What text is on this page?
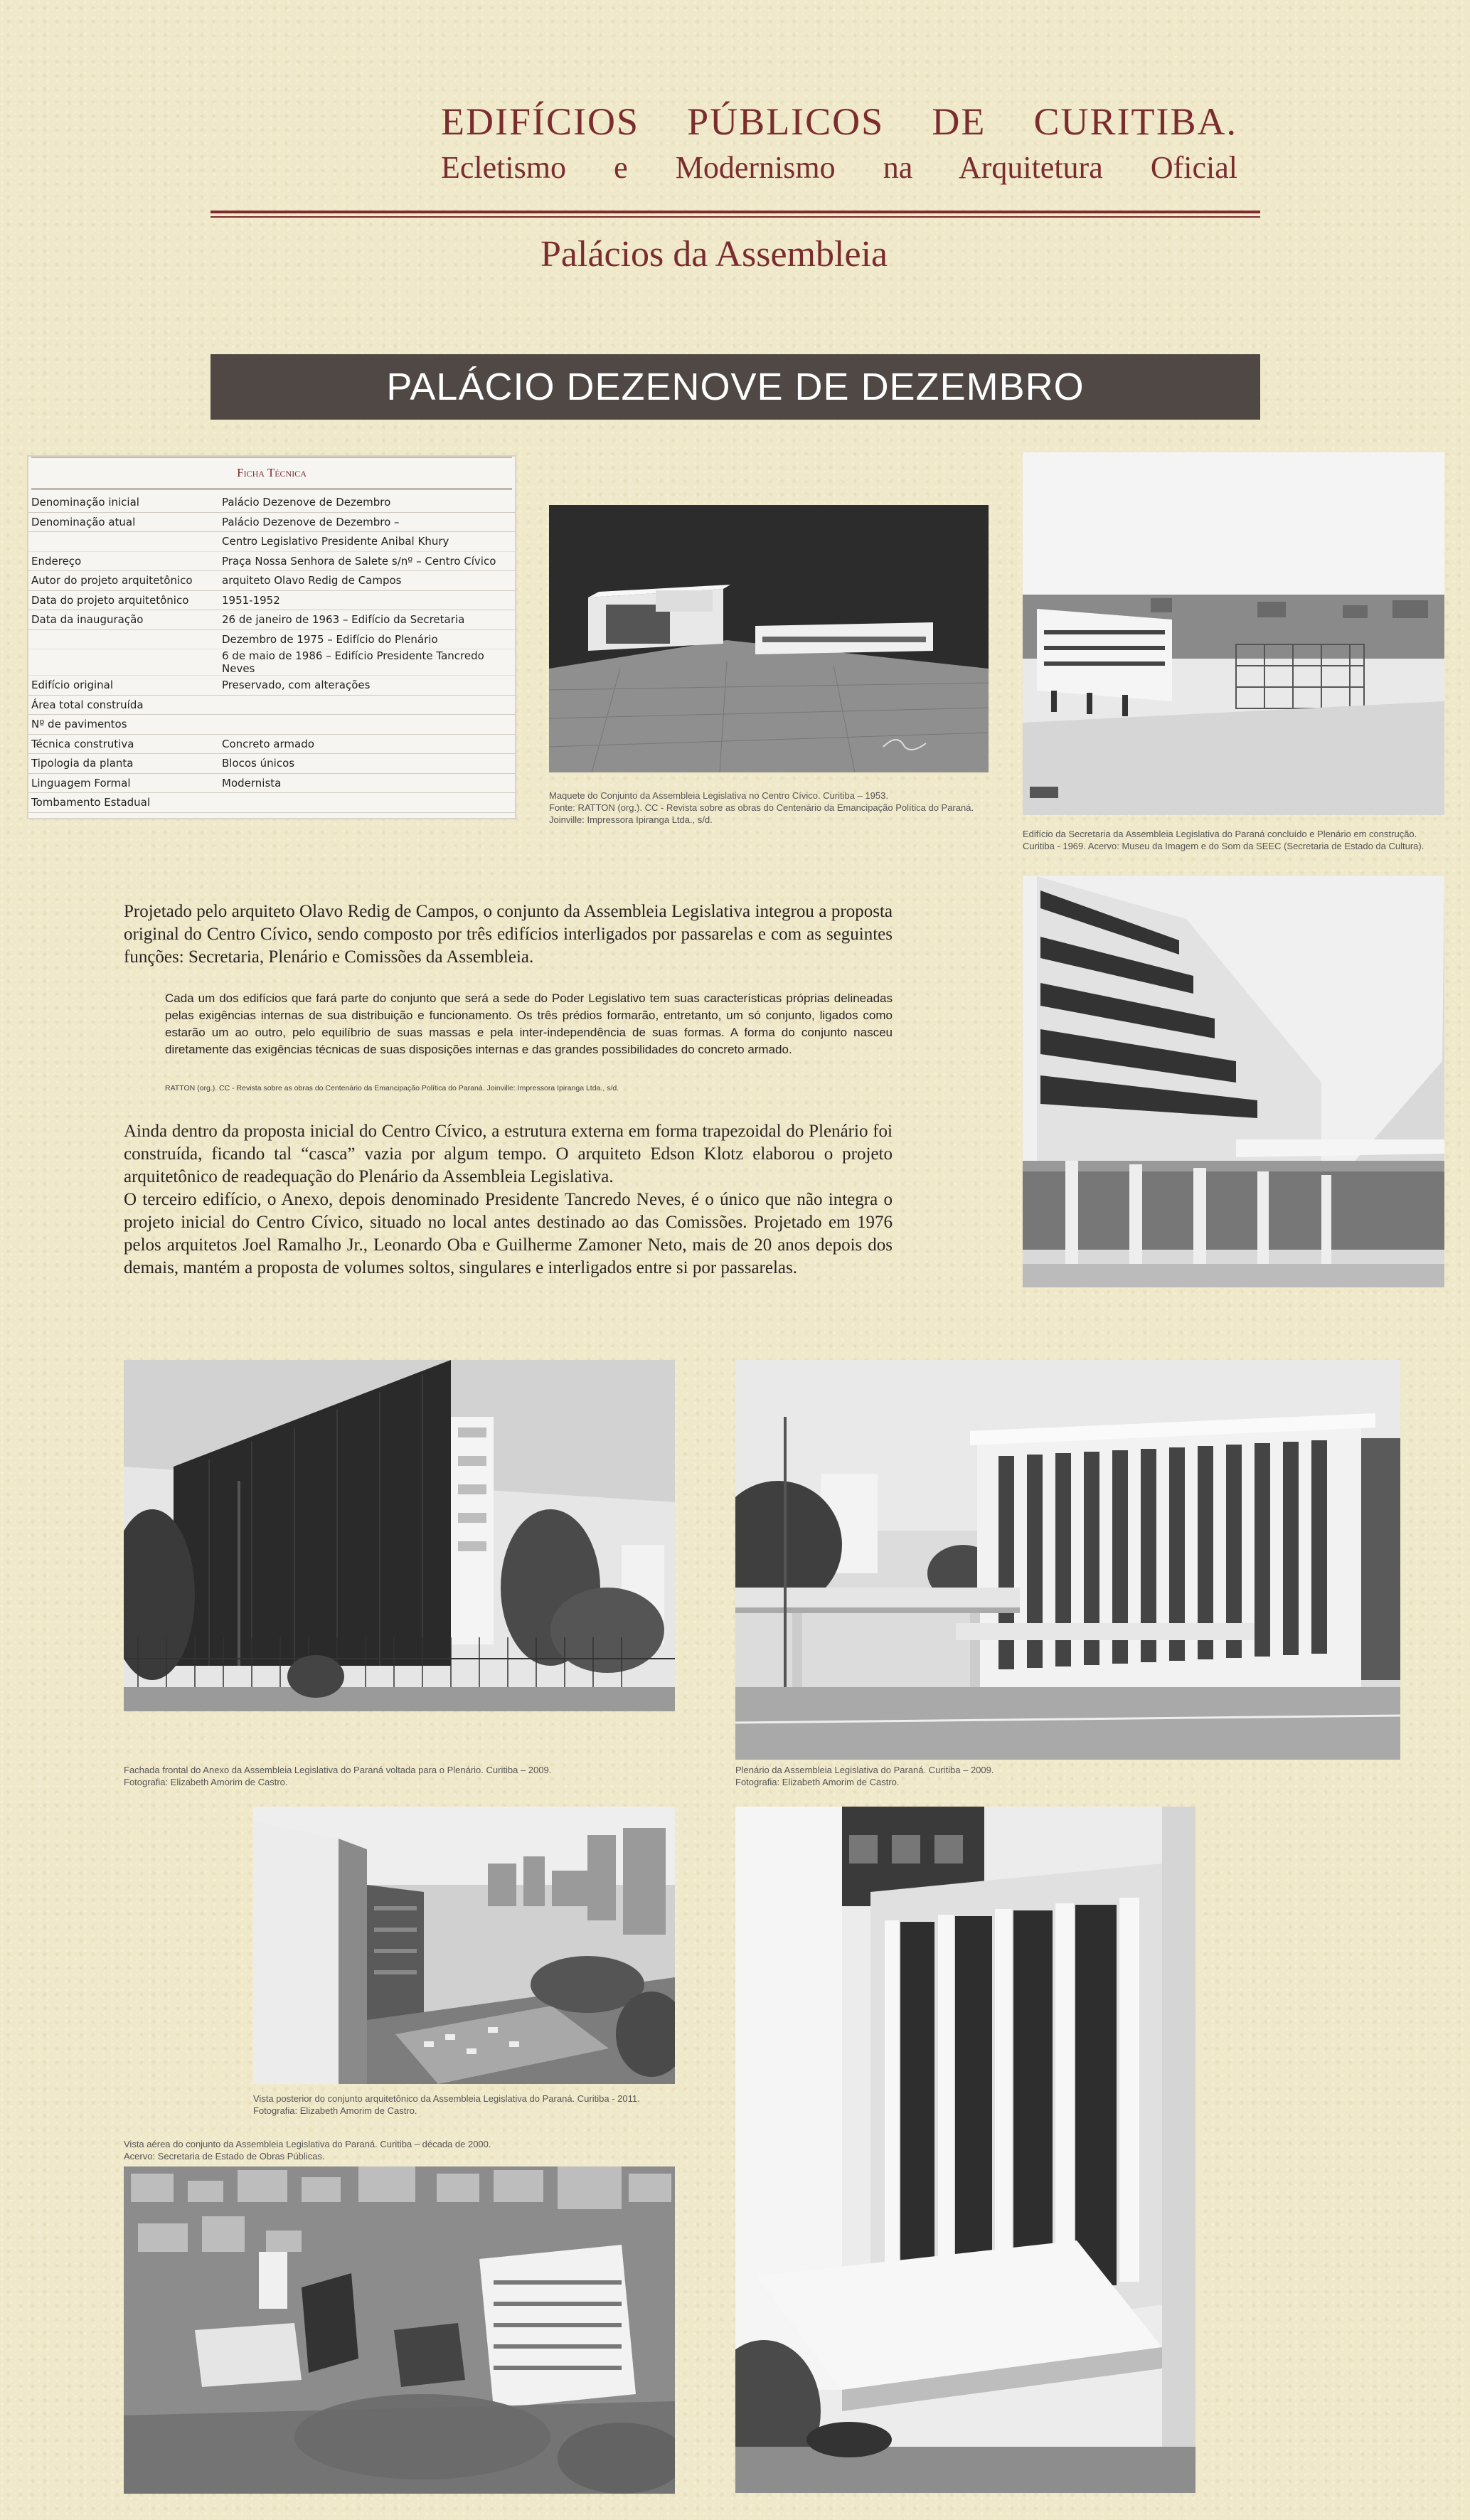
EDIFÍCIOS PÚBLICOS DE CURITIBA.
Ecletismo e Modernismo na Arquitetura Oficial
Palácios da Assembleia
PALÁCIO DEZENOVE DE DEZEMBRO
Ficha Técnica
Denominação inicial	Palácio Dezenove de Dezembro
Denominação atual	Palácio Dezenove de Dezembro –
	Centro Legislativo Presidente Anibal Khury
Endereço	Praça Nossa Senhora de Salete s/nº – Centro Cívico
Autor do projeto arquitetônico	arquiteto Olavo Redig de Campos
Data do projeto arquitetônico	1951-1952
Data da inauguração	26 de janeiro de 1963 – Edifício da Secretaria
	Dezembro de 1975 – Edifício do Plenário
	6 de maio de 1986 – Edifício Presidente Tancredo Neves
Edifício original	Preservado, com alterações
Área total construída	
Nº de pavimentos	
Técnica construtiva	Concreto armado
Tipologia da planta	Blocos únicos
Linguagem Formal	Modernista
Tombamento Estadual	
Maquete do Conjunto da Assembleia Legislativa no Centro Cívico. Curitiba – 1953.
Fonte: RATTON (org.). CC - Revista sobre as obras do Centenário da Emancipação Política do Paraná. Joinville: Impressora Ipiranga Ltda., s/d.
Edifício da Secretaria da Assembleia Legislativa do Paraná concluído e Plenário em construção.
Curitiba - 1969. Acervo: Museu da Imagem e do Som da SEEC (Secretaria de Estado da Cultura).
Projetado pelo arquiteto Olavo Redig de Campos, o conjunto da Assembleia Legislativa integrou a proposta original do Centro Cívico, sendo composto por três edifícios interligados por passarelas e com as seguintes funções: Secretaria, Plenário e Comissões da Assembleia.
Cada um dos edifícios que fará parte do conjunto que será a sede do Poder Legislativo tem suas características próprias delineadas pelas exigências internas de sua distribuição e funcionamento. Os três prédios formarão, entretanto, um só conjunto, ligados como estarão um ao outro, pelo equilíbrio de suas massas e pela inter-independência de suas formas. A forma do conjunto nasceu diretamente das exigências técnicas de suas disposições internas e das grandes possibilidades do concreto armado.
RATTON (org.). CC - Revista sobre as obras do Centenário da Emancipação Política do Paraná. Joinville: Impressora Ipiranga Ltda., s/d.
Ainda dentro da proposta inicial do Centro Cívico, a estrutura externa em forma trapezoidal do Plenário foi construída, ficando tal “casca” vazia por algum tempo. O arquiteto Edson Klotz elaborou o projeto arquitetônico de readequação do Plenário da Assembleia Legislativa.
O terceiro edifício, o Anexo, depois denominado Presidente Tancredo Neves, é o único que não integra o projeto inicial do Centro Cívico, situado no local antes destinado ao das Comissões. Projetado em 1976 pelos arquitetos Joel Ramalho Jr., Leonardo Oba e Guilherme Zamoner Neto, mais de 20 anos depois dos demais, mantém a proposta de volumes soltos, singulares e interligados entre si por passarelas.
Fachada frontal do Anexo da Assembleia Legislativa do Paraná voltada para o Plenário. Curitiba – 2009.
Fotografia: Elizabeth Amorim de Castro.
Plenário da Assembleia Legislativa do Paraná. Curitiba – 2009.
Fotografia: Elizabeth Amorim de Castro.
Vista posterior do conjunto arquitetônico da Assembleia Legislativa do Paraná. Curitiba - 2011.
Fotografia: Elizabeth Amorim de Castro.
Vista aérea do conjunto da Assembleia Legislativa do Paraná. Curitiba – década de 2000.
Acervo: Secretaria de Estado de Obras Públicas.
